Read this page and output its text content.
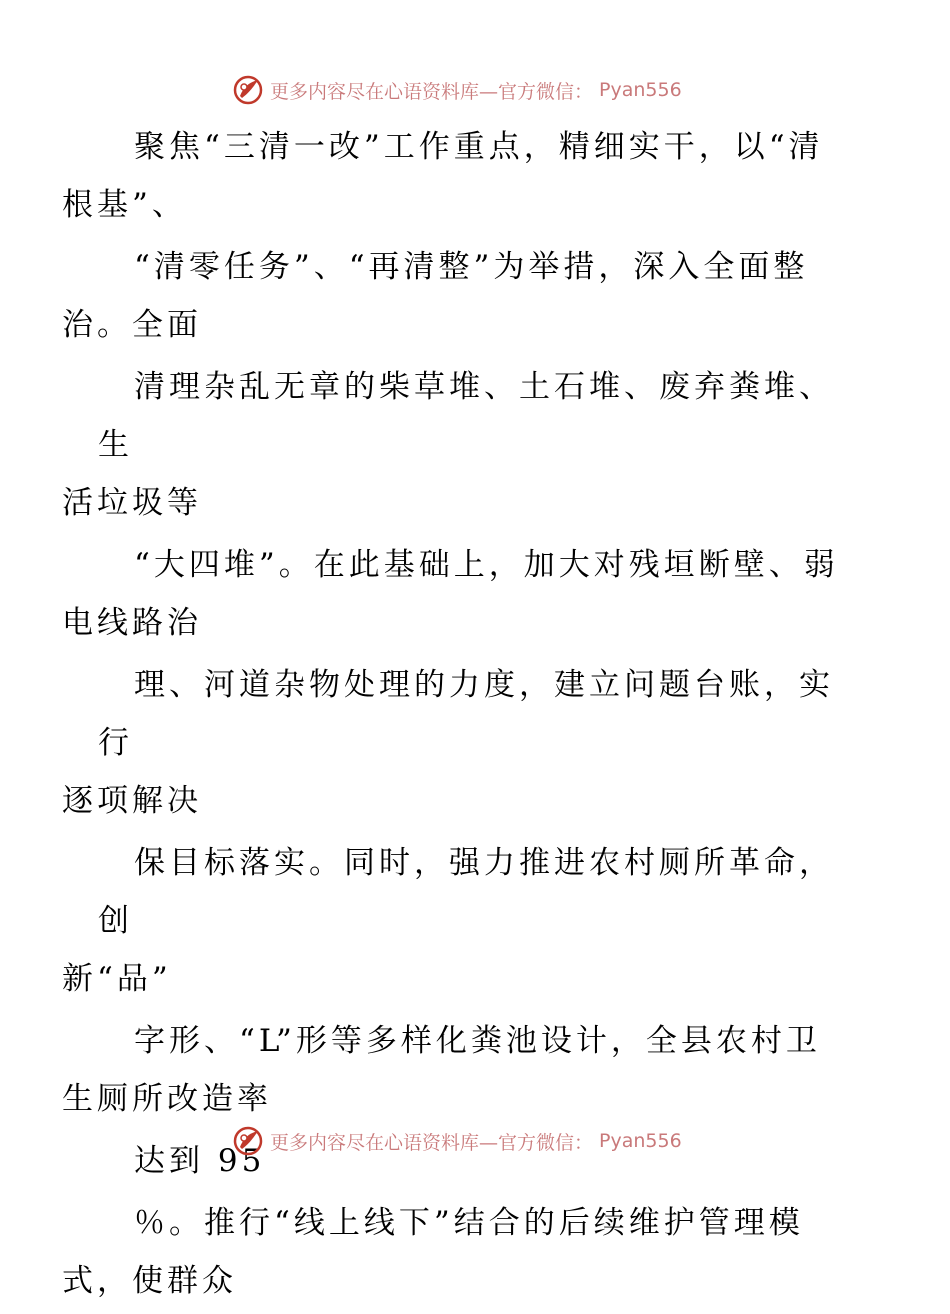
更多内容尽在心语资料库—官方微信： Pyan556

聚焦“三清一改”工作重点，精细实干，以“清
根基”、

“清零任务”、“再清整”为举措，深入全面整
治。全面

清理杂乱无章的柴草堆、土石堆、废弃粪堆、生
活垃圾等

“大四堆”。在此基础上，加大对残垣断壁、弱
电线路治

理、河道杂物处理的力度，建立问题台账，实行
逐项解决

保目标落实。同时，强力推进农村厕所革命，创
新“品”

字形、“L”形等多样化粪池设计，全县农村卫
生厕所改造率

达到 95

％。推行“线上线下”结合的后续维护管理模
式，使群众

更多内容尽在心语资料库—官方微信： Pyan556
